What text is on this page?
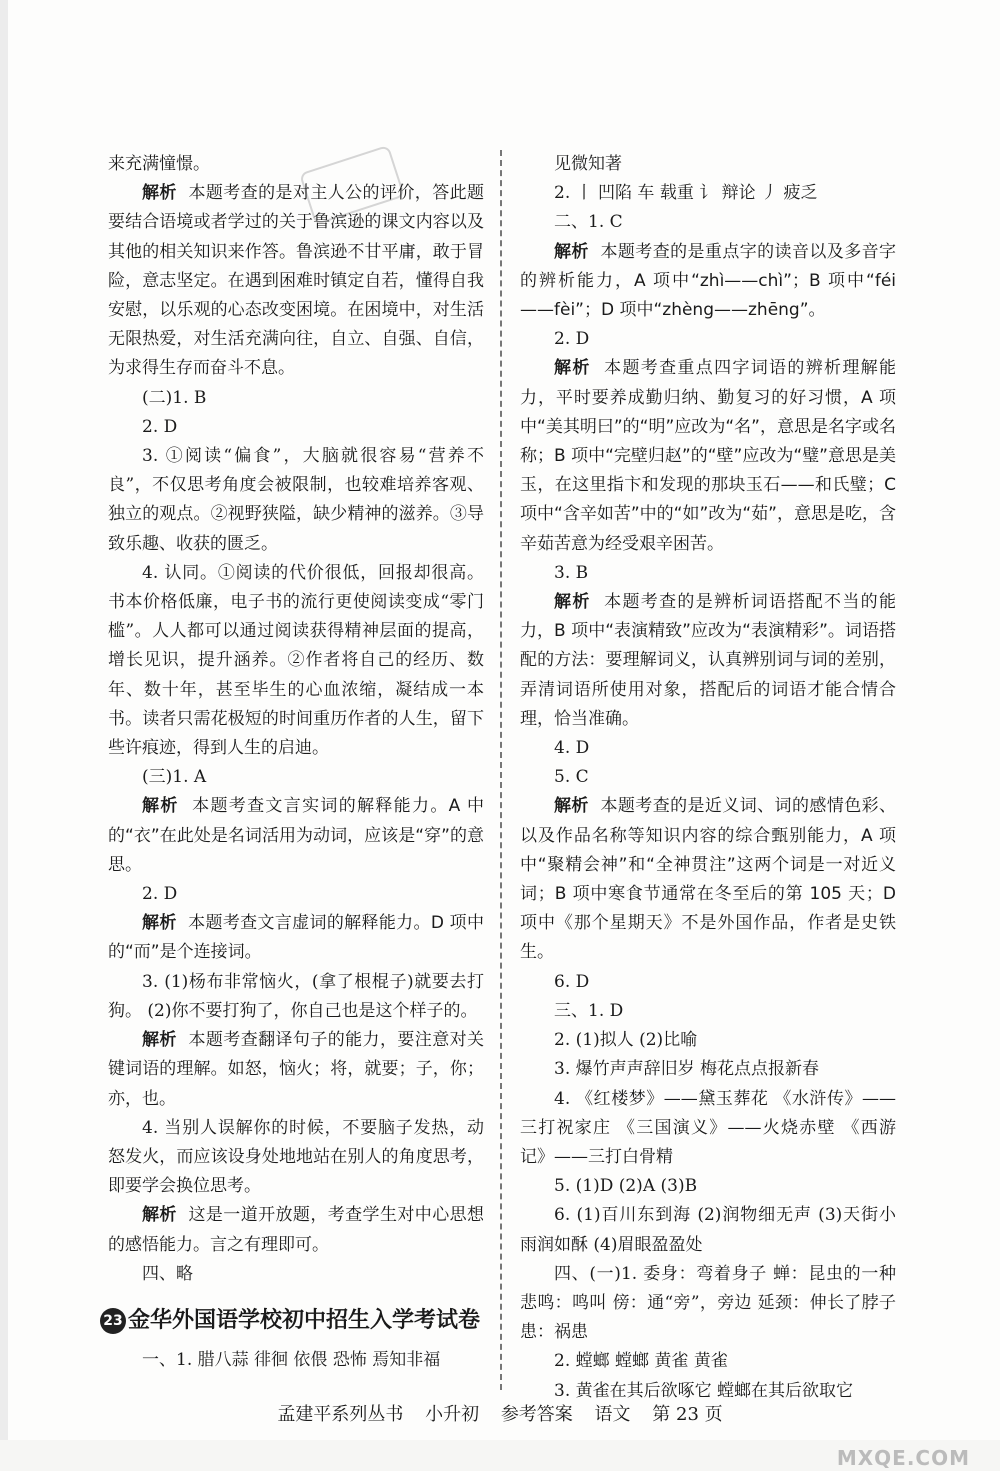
来充满憧憬。

解析 本题考查的是对主人公的评价，答此题要结合语境或者学过的关于鲁滨逊的课文内容以及其他的相关知识来作答。鲁滨逊不甘平庸，敢于冒险，意志坚定。在遇到困难时镇定自若，懂得自我安慰，以乐观的心态改变困境。在困境中，对生活无限热爱，对生活充满向往，自立、自强、自信，为求得生存而奋斗不息。

(二)1. B

2. D

3. ①阅读“偏食”，大脑就很容易“营养不良”，不仅思考角度会被限制，也较难培养客观、独立的观点。②视野狭隘，缺少精神的滋养。③导致乐趣、收获的匮乏。

4. 认同。①阅读的代价很低，回报却很高。书本价格低廉，电子书的流行更使阅读变成“零门槛”。人人都可以通过阅读获得精神层面的提高，增长见识，提升涵养。②作者将自己的经历、数年、数十年，甚至毕生的心血浓缩，凝结成一本书。读者只需花极短的时间重历作者的人生，留下些许痕迹，得到人生的启迪。

(三)1. A

解析 本题考查文言实词的解释能力。A 中的“衣”在此处是名词活用为动词，应该是“穿”的意思。

2. D

解析 本题考查文言虚词的解释能力。D 项中的“而”是个连接词。

3. (1)杨布非常恼火，(拿了根棍子)就要去打狗。 (2)你不要打狗了，你自己也是这个样子的。

解析 本题考查翻译句子的能力，要注意对关键词语的理解。如怒，恼火；将，就要；子，你；亦，也。

4. 当别人误解你的时候，不要脑子发热，动怒发火，而应该设身处地地站在别人的角度思考，即要学会换位思考。

解析 这是一道开放题，考查学生对中心思想的感悟能力。言之有理即可。

四、略

23 金华外国语学校初中招生入学考试卷

一、1. 腊八蒜 徘徊 依偎 恐怖 焉知非福

见微知著

2. 丨 凹陷 车 载重 讠 辩论 丿 疲乏

二、1. C

解析 本题考查的是重点字的读音以及多音字的辨析能力，A 项中“zhì——chì”；B 项中“féi——fèi”；D 项中“zhèng——zhēng”。

2. D

解析 本题考查重点四字词语的辨析理解能力，平时要养成勤归纳、勤复习的好习惯，A 项中“美其明曰”的“明”应改为“名”，意思是名字或名称；B 项中“完壁归赵”的“壁”应改为“璧”意思是美玉，在这里指卞和发现的那块玉石——和氏璧；C 项中“含辛如苦”中的“如”改为“茹”，意思是吃，含辛茹苦意为经受艰辛困苦。

3. B

解析 本题考查的是辨析词语搭配不当的能力，B 项中“表演精致”应改为“表演精彩”。词语搭配的方法：要理解词义，认真辨别词与词的差别，弄清词语所使用对象，搭配后的词语才能合情合理，恰当准确。

4. D

5. C

解析 本题考查的是近义词、词的感情色彩、以及作品名称等知识内容的综合甄别能力，A 项中“聚精会神”和“全神贯注”这两个词是一对近义词；B 项中寒食节通常在冬至后的第 105 天；D 项中《那个星期天》不是外国作品，作者是史铁生。

6. D

三、1. D

2. (1)拟人 (2)比喻

3. 爆竹声声辞旧岁 梅花点点报新春

4. 《红楼梦》——黛玉葬花 《水浒传》——三打祝家庄 《三国演义》——火烧赤壁 《西游记》——三打白骨精

5. (1)D (2)A (3)B

6. (1)百川东到海 (2)润物细无声 (3)天街小雨润如酥 (4)眉眼盈盈处

四、(一)1. 委身：弯着身子 蝉：昆虫的一种 悲鸣：鸣叫 傍：通“旁”，旁边 延颈：伸长了脖子 患：祸患

2. 螳螂 螳螂 黄雀 黄雀

3. 黄雀在其后欲啄它 螳螂在其后欲取它

孟建平系列丛书 小升初 参考答案 语文 第 23 页
MXQE.COM
